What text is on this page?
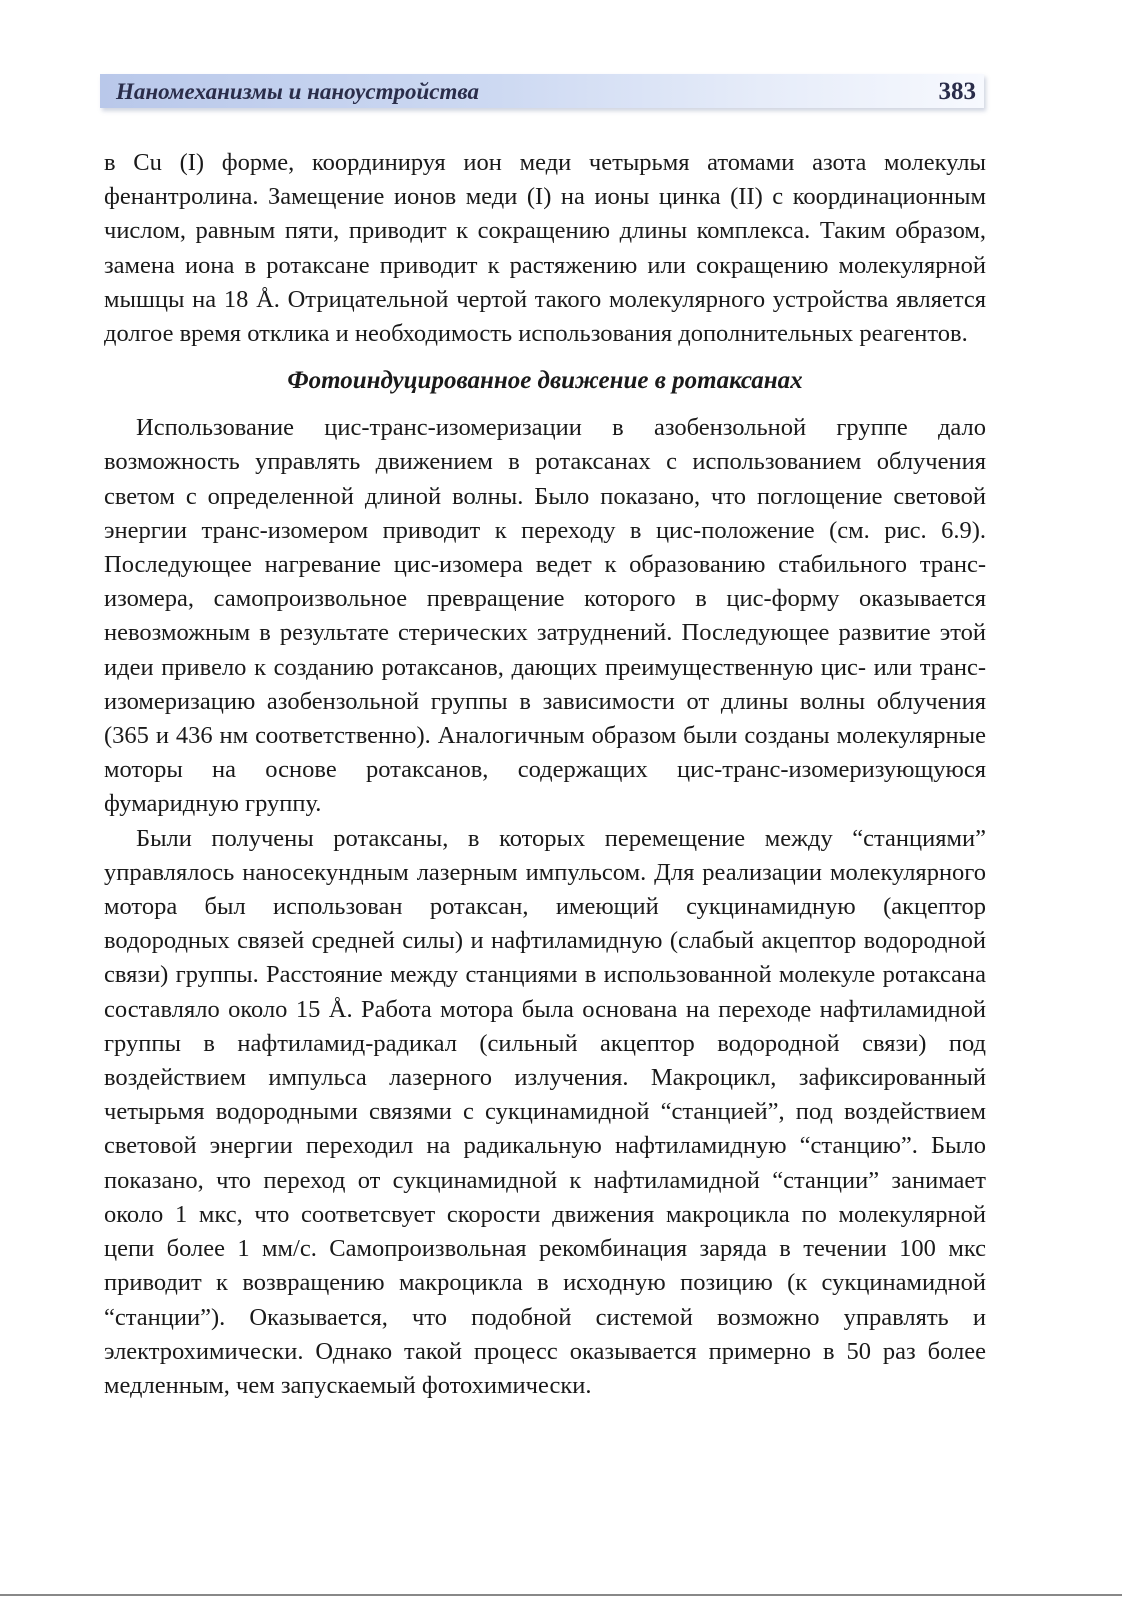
Наномеханизмы и наноустройства	383

в Cu (I) форме, координируя ион меди четырьмя атомами азота молекулы фенантролина. Замещение ионов меди (I) на ионы цинка (II) с координационным числом, равным пяти, приводит к сокращению длины комплекса. Таким образом, замена иона в ротаксане приводит к растяжению или сокращению молекулярной мышцы на 18 Å. Отрицательной чертой такого молекулярного устройства является долгое время отклика и необходимость использования дополнительных реагентов.

Фотоиндуцированное движение в ротаксанах

Использование цис-транс-изомеризации в азобензольной группе дало возможность управлять движением в ротаксанах с использованием облучения светом с определенной длиной волны. Было показано, что поглощение световой энергии транс-изомером приводит к переходу в цис-положение (см. рис. 6.9). Последующее нагревание цис-изомера ведет к образованию стабильного транс-изомера, самопроизвольное превращение которого в цис-форму оказывается невозможным в результате стерических затруднений. Последующее развитие этой идеи привело к созданию ротаксанов, дающих преимущественную цис- или транс-изомеризацию азобензольной группы в зависимости от длины волны облучения (365 и 436 нм соответственно). Аналогичным образом были созданы молекулярные моторы на основе ротаксанов, содержащих цис-транс-изомеризующуюся фумаридную группу.

Были получены ротаксаны, в которых перемещение между “станциями” управлялось наносекундным лазерным импульсом. Для реализации молекулярного мотора был использован ротаксан, имеющий сукцинамидную (акцептор водородных связей средней силы) и нафтиламидную (слабый акцептор водородной связи) группы. Расстояние между станциями в использованной молекуле ротаксана составляло около 15 Å. Работа мотора была основана на переходе нафтиламидной группы в нафтиламид-радикал (сильный акцептор водородной связи) под воздействием импульса лазерного излучения. Макроцикл, зафиксированный четырьмя водородными связями с сукцинамидной “станцией”, под воздействием световой энергии переходил на радикальную нафтиламидную “станцию”. Было показано, что переход от сукцинамидной к нафтиламидной “станции” занимает около 1 мкс, что соответсвует скорости движения макроцикла по молекулярной цепи более 1 мм/с. Самопроизвольная рекомбинация заряда в течении 100 мкс приводит к возвращению макроцикла в исходную позицию (к сукцинамидной “станции”). Оказывается, что подобной системой возможно управлять и электрохимически. Однако такой процесс оказывается примерно в 50 раз более медленным, чем запускаемый фотохимически.
